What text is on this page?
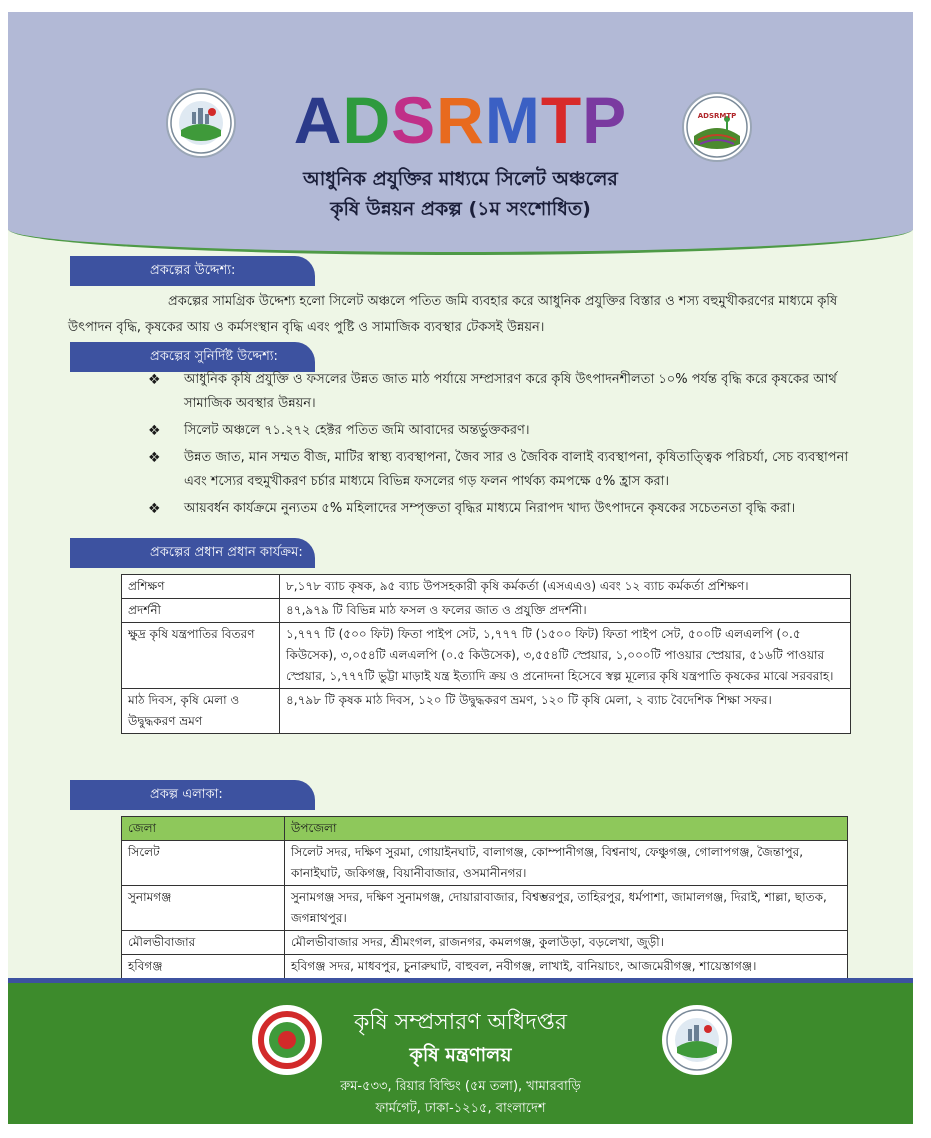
ADSRMTP	ADSRMTP
আধুনিক প্রযুক্তির মাধ্যমে সিলেট অঞ্চলের
কৃষি উন্নয়ন প্রকল্প (১ম সংশোধিত)
প্রকল্পের উদ্দেশ্য:
প্রকল্পের সামগ্রিক উদ্দেশ্য হলো সিলেট অঞ্চলে পতিত জমি ব্যবহার করে আধুনিক প্রযুক্তির বিস্তার ও শস্য বহুমুখীকরণের মাধ্যমে কৃষি উৎপাদন বৃদ্ধি, কৃষকের আয় ও কর্মসংস্থান বৃদ্ধি এবং পুষ্টি ও সামাজিক ব্যবস্থার টেকসই উন্নয়ন।
প্রকল্পের সুনির্দিষ্ট উদ্দেশ্য:
❖ আধুনিক কৃষি প্রযুক্তি ও ফসলের উন্নত জাত মাঠ পর্যায়ে সম্প্রসারণ করে কৃষি উৎপাদনশীলতা ১০% পর্যন্ত বৃদ্ধি করে কৃষকের আর্থ সামাজিক অবস্থার উন্নয়ন।
❖ সিলেট অঞ্চলে ৭১.২৭২ হেক্টর পতিত জমি আবাদের অন্তর্ভুক্তকরণ।
❖ উন্নত জাত, মান সম্মত বীজ, মাটির স্বাস্থ্য ব্যবস্থাপনা, জৈব সার ও জৈবিক বালাই ব্যবস্থাপনা, কৃষিতাত্ত্বিক পরিচর্যা, সেচ ব্যবস্থাপনা এবং শস্যের বহুমুখীকরণ চর্চার মাধ্যমে বিভিন্ন ফসলের গড় ফলন পার্থক্য কমপক্ষে ৫% হ্রাস করা।
❖ আয়বর্ধন কার্যক্রমে নুন্যতম ৫% মহিলাদের সম্পৃক্ততা বৃদ্ধির মাধ্যমে নিরাপদ খাদ্য উৎপাদনে কৃষকের সচেতনতা বৃদ্ধি করা।
প্রকল্পের প্রধান প্রধান কার্যক্রম:
প্রশিক্ষণ	৮,১৭৮ ব্যাচ কৃষক, ৯৫ ব্যাচ উপসহকারী কৃষি কর্মকর্তা (এসএএও) এবং ১২ ব্যাচ কর্মকর্তা প্রশিক্ষণ।
প্রদর্শনী	৪৭,৯৭৯ টি বিভিন্ন মাঠ ফসল ও ফলের জাত ও প্রযুক্তি প্রদর্শনী।
ক্ষুদ্র কৃষি যন্ত্রপাতির বিতরণ	১,৭৭৭ টি (৫০০ ফিট) ফিতা পাইপ সেট, ১,৭৭৭ টি (১৫০০ ফিট) ফিতা পাইপ সেট, ৫০০টি এলএলপি (০.৫ কিউসেক), ৩,০৫৪টি এলএলপি (০.৫ কিউসেক), ৩,৫৫৪টি স্প্রেয়ার, ১,০০০টি পাওয়ার স্প্রেয়ার, ৫১৬টি পাওয়ার স্প্রেয়ার, ১,৭৭৭টি ভুট্টা মাড়াই যন্ত্র ইত্যাদি ক্রয় ও প্রনোদনা হিসেবে স্বল্প মূল্যের কৃষি যন্ত্রপাতি কৃষকের মাঝে সরবরাহ।
মাঠ দিবস, কৃষি মেলা ও উদ্বুদ্ধকরণ ভ্রমণ	৪,৭৯৮ টি কৃষক মাঠ দিবস, ১২০ টি উদ্বুদ্ধকরণ ভ্রমণ, ১২০ টি কৃষি মেলা, ২ ব্যাচ বৈদেশিক শিক্ষা সফর।
প্রকল্প এলাকা:
জেলা	উপজেলা
সিলেট	সিলেট সদর, দক্ষিণ সুরমা, গোয়াইনঘাট, বালাগঞ্জ, কোম্পানীগঞ্জ, বিশ্বনাথ, ফেঞ্চুগঞ্জ, গোলাপগঞ্জ, জৈন্তাপুর, কানাইঘাট, জকিগঞ্জ, বিয়ানীবাজার, ওসমানীনগর।
সুনামগঞ্জ	সুনামগঞ্জ সদর, দক্ষিণ সুনামগঞ্জ, দোয়ারাবাজার, বিশ্বম্ভরপুর, তাহিরপুর, ধর্মপাশা, জামালগঞ্জ, দিরাই, শাল্লা, ছাতক, জগন্নাথপুর।
মৌলভীবাজার	মৌলভীবাজার সদর, শ্রীমংগল, রাজনগর, কমলগঞ্জ, কুলাউড়া, বড়লেখা, জুড়ী।
হবিগঞ্জ	হবিগঞ্জ সদর, মাধবপুর, চুনারুঘাট, বাহুবল, নবীগঞ্জ, লাখাই, বানিয়াচং, আজমেরীগঞ্জ, শায়েস্তাগঞ্জ।
কৃষি সম্প্রসারণ অধিদপ্তর
কৃষি মন্ত্রণালয়
রুম-৫৩৩, রিয়ার বিল্ডিং (৫ম তলা), খামারবাড়ি
ফার্মগেট, ঢাকা-১২১৫, বাংলাদেশ
